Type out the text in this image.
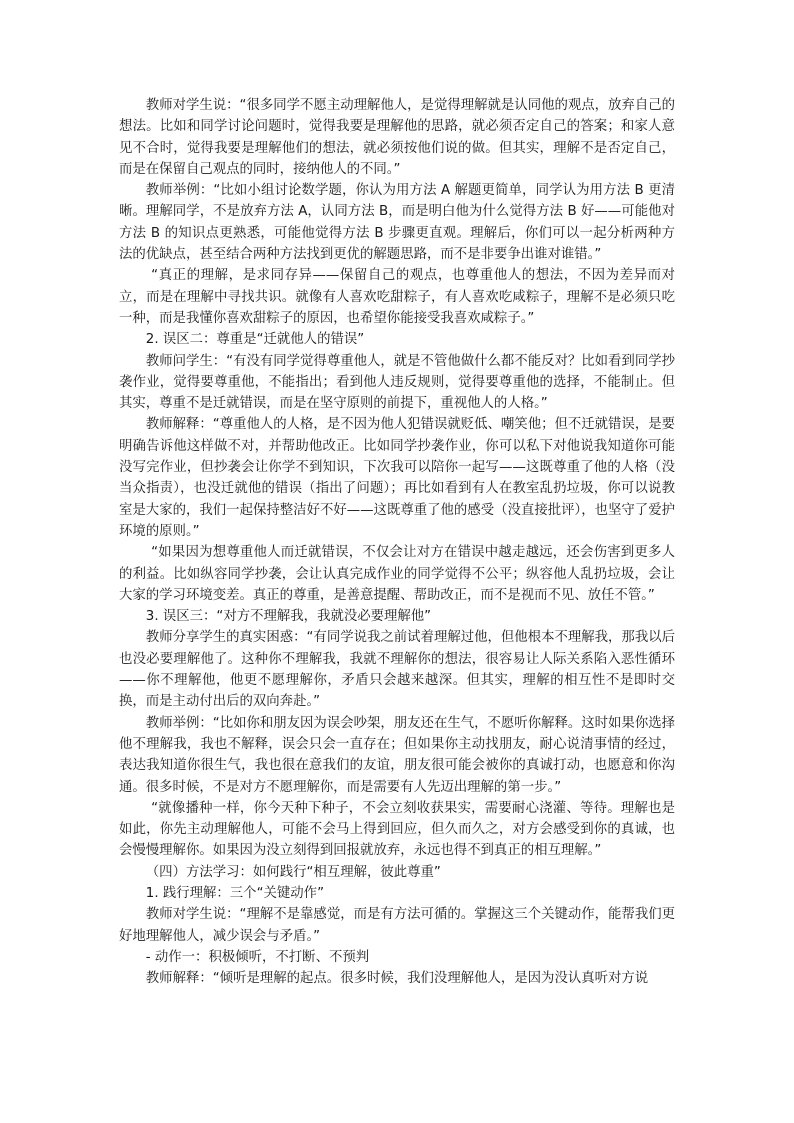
教师对学生说：“很多同学不愿主动理解他人，是觉得理解就是认同他的观点，放弃自己的想法。比如和同学讨论问题时，觉得我要是理解他的思路，就必须否定自己的答案；和家人意见不合时，觉得我要是理解他们的想法，就必须按他们说的做。但其实，理解不是否定自己，而是在保留自己观点的同时，接纳他人的不同。”

教师举例：“比如小组讨论数学题，你认为用方法 A 解题更简单，同学认为用方法 B 更清晰。理解同学，不是放弃方法 A，认同方法 B，而是明白他为什么觉得方法 B 好——可能他对方法 B 的知识点更熟悉，可能他觉得方法 B 步骤更直观。理解后，你们可以一起分析两种方法的优缺点，甚至结合两种方法找到更优的解题思路，而不是非要争出谁对谁错。”

“真正的理解，是求同存异——保留自己的观点，也尊重他人的想法，不因为差异而对立，而是在理解中寻找共识。就像有人喜欢吃甜粽子，有人喜欢吃咸粽子，理解不是必须只吃一种，而是我懂你喜欢甜粽子的原因，也希望你能接受我喜欢咸粽子。”

2. 误区二：尊重是“迁就他人的错误”

教师问学生：“有没有同学觉得尊重他人，就是不管他做什么都不能反对？比如看到同学抄袭作业，觉得要尊重他，不能指出；看到他人违反规则，觉得要尊重他的选择，不能制止。但其实，尊重不是迁就错误，而是在坚守原则的前提下，重视他人的人格。”

教师解释：“尊重他人的人格，是不因为他人犯错误就贬低、嘲笑他；但不迁就错误，是要明确告诉他这样做不对，并帮助他改正。比如同学抄袭作业，你可以私下对他说我知道你可能没写完作业，但抄袭会让你学不到知识，下次我可以陪你一起写——这既尊重了他的人格（没当众指责），也没迁就他的错误（指出了问题）；再比如看到有人在教室乱扔垃圾，你可以说教室是大家的，我们一起保持整洁好不好——这既尊重了他的感受（没直接批评），也坚守了爱护环境的原则。”

“如果因为想尊重他人而迁就错误，不仅会让对方在错误中越走越远，还会伤害到更多人的利益。比如纵容同学抄袭，会让认真完成作业的同学觉得不公平；纵容他人乱扔垃圾，会让大家的学习环境变差。真正的尊重，是善意提醒、帮助改正，而不是视而不见、放任不管。”

3. 误区三：“对方不理解我，我就没必要理解他”

教师分享学生的真实困惑：“有同学说我之前试着理解过他，但他根本不理解我，那我以后也没必要理解他了。这种你不理解我，我就不理解你的想法，很容易让人际关系陷入恶性循环——你不理解他，他更不愿理解你，矛盾只会越来越深。但其实，理解的相互性不是即时交换，而是主动付出后的双向奔赴。”

教师举例：“比如你和朋友因为误会吵架，朋友还在生气，不愿听你解释。这时如果你选择他不理解我，我也不解释，误会只会一直存在；但如果你主动找朋友，耐心说清事情的经过，表达我知道你很生气，我也很在意我们的友谊，朋友很可能会被你的真诚打动，也愿意和你沟通。很多时候，不是对方不愿理解你，而是需要有人先迈出理解的第一步。”

“就像播种一样，你今天种下种子，不会立刻收获果实，需要耐心浇灌、等待。理解也是如此，你先主动理解他人，可能不会马上得到回应，但久而久之，对方会感受到你的真诚，也会慢慢理解你。如果因为没立刻得到回报就放弃，永远也得不到真正的相互理解。”

（四）方法学习：如何践行“相互理解，彼此尊重”

1. 践行理解：三个“关键动作”

教师对学生说：“理解不是靠感觉，而是有方法可循的。掌握这三个关键动作，能帮我们更好地理解他人，减少误会与矛盾。”

- 动作一：积极倾听，不打断、不预判

教师解释：“倾听是理解的起点。很多时候，我们没理解他人，是因为没认真听对方说
